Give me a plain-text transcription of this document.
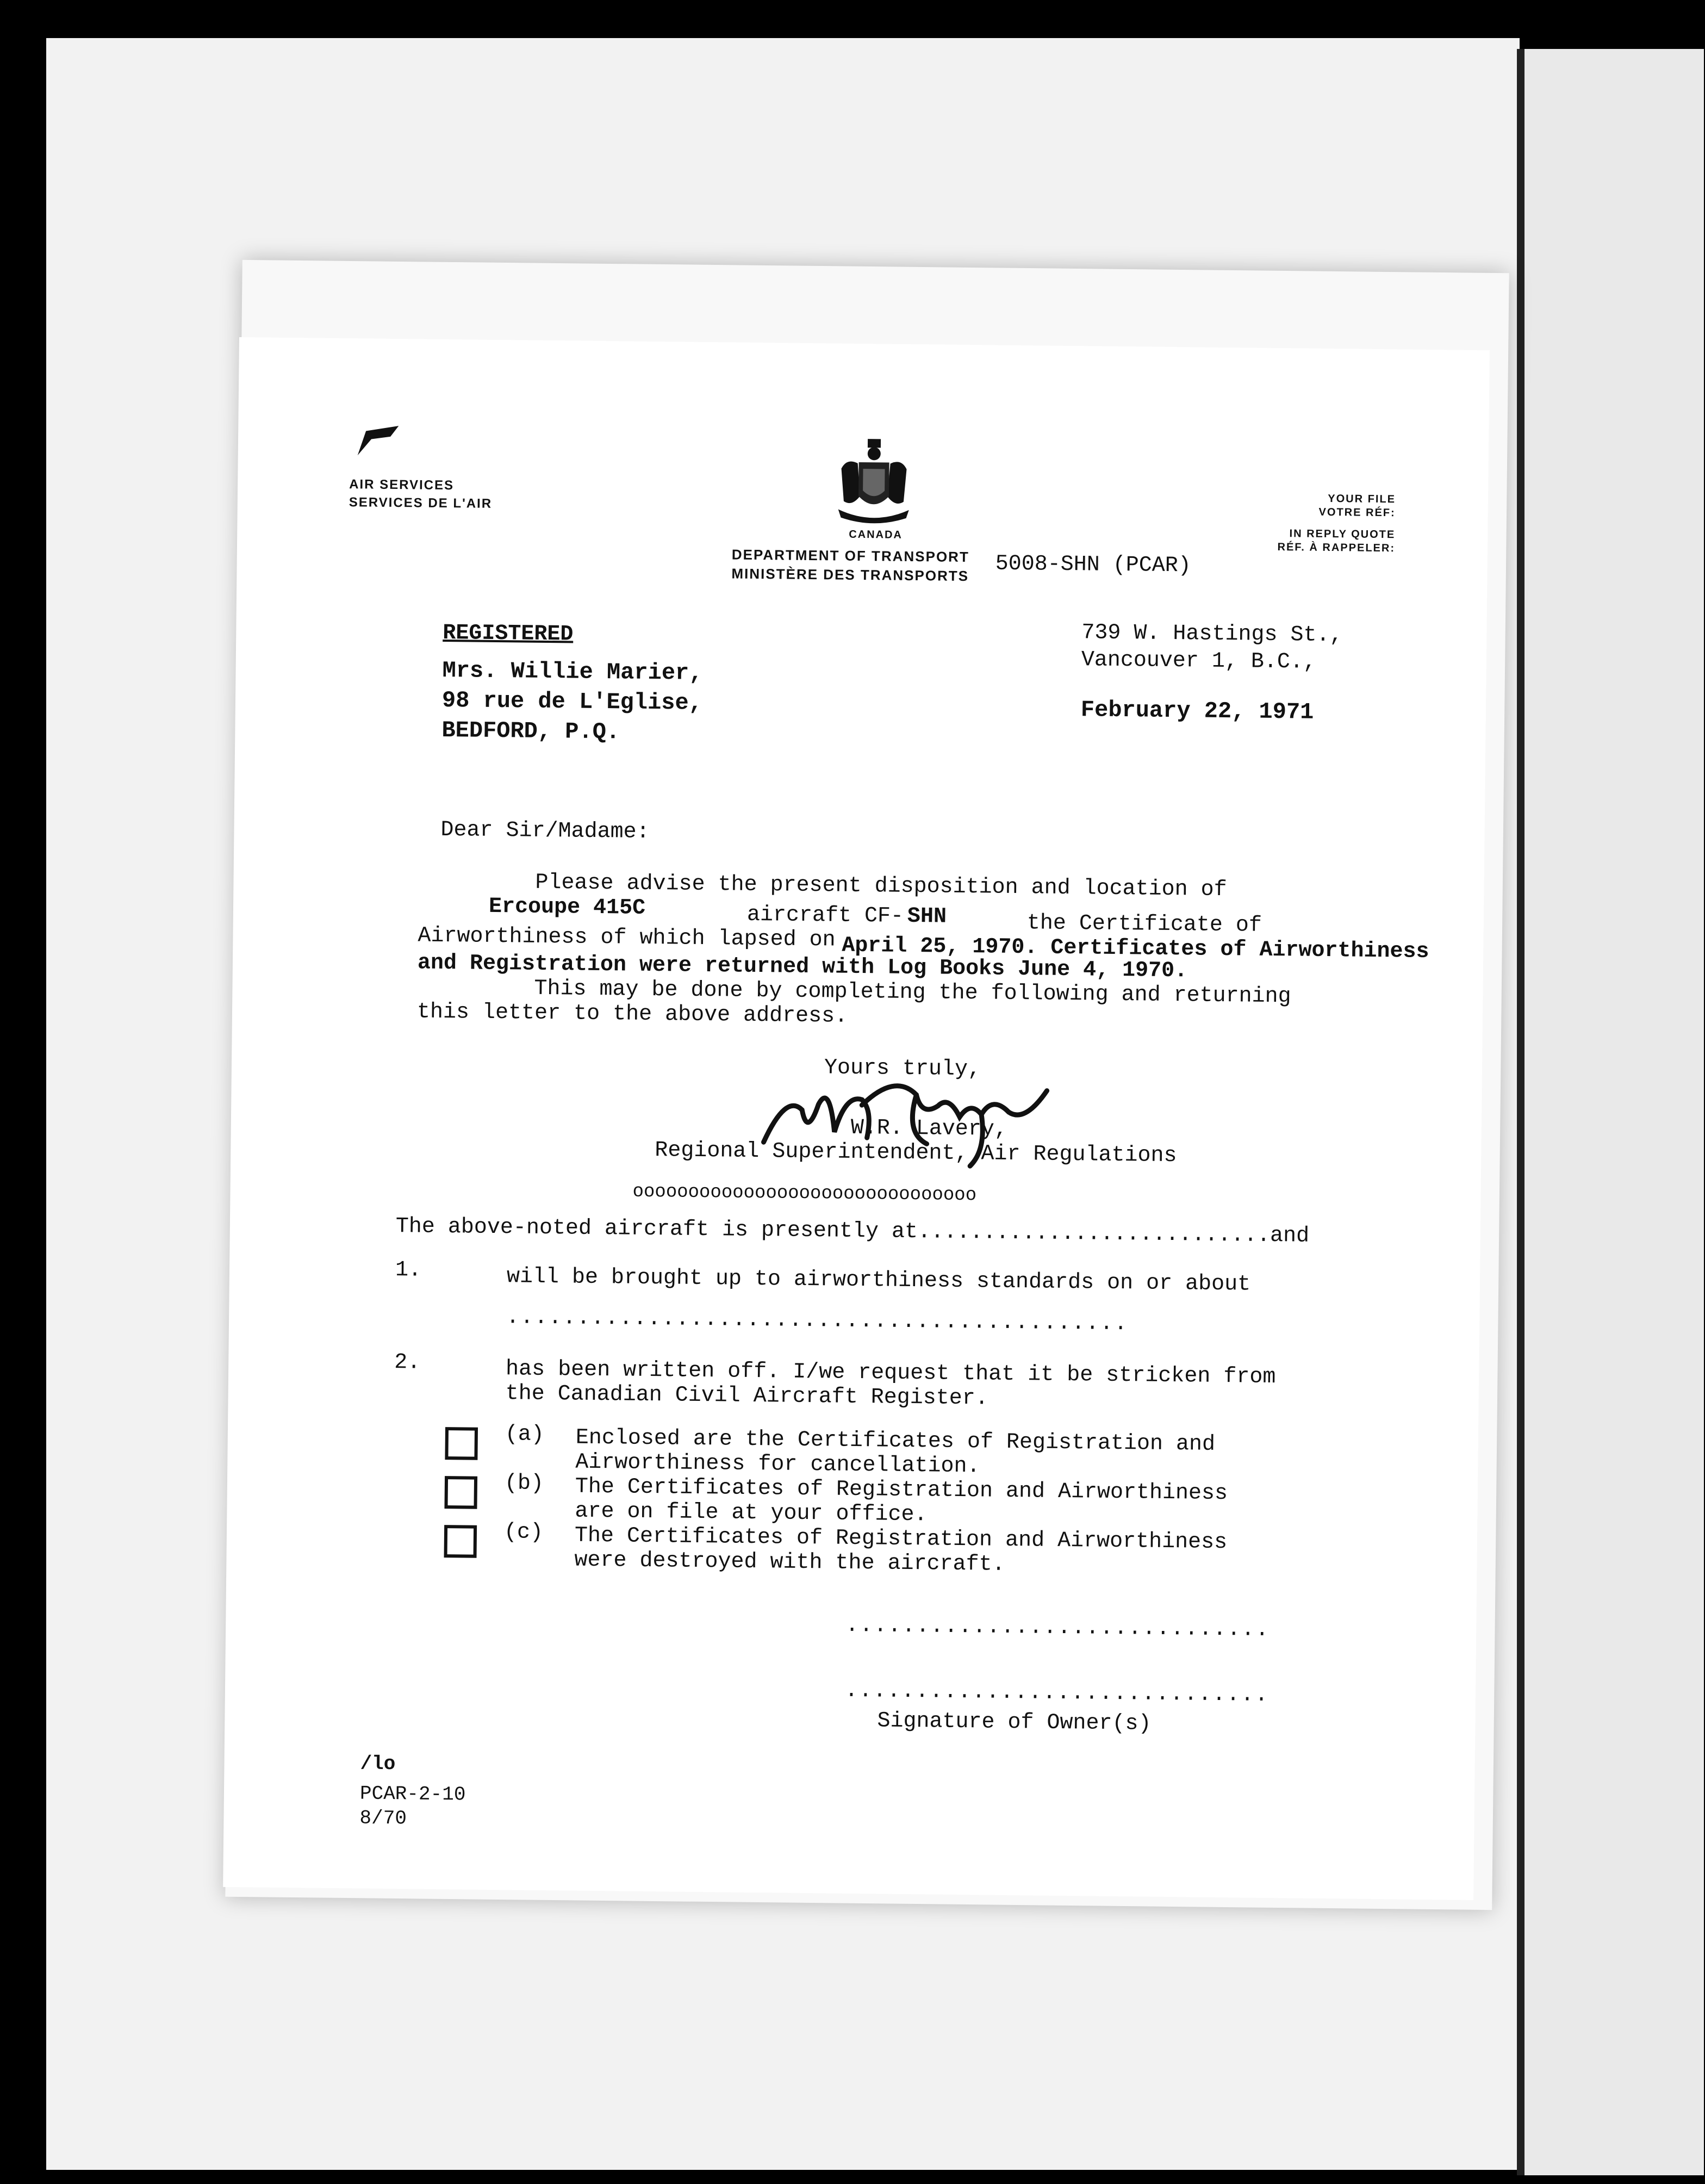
AIR SERVICES
SERVICES DE L'AIR
CANADA
DEPARTMENT OF TRANSPORT
MINISTÈRE DES TRANSPORTS 5008-SHN (PCAR)
YOUR FILE
VOTRE RÉF:
IN REPLY QUOTE
RÉF. À RAPPELER:
REGISTERED	739 W. Hastings St.,
Vancouver 1, B.C.,
February 22, 1971
Mrs. Willie Marier,
98 rue de L'Eglise,
BEDFORD, P.Q.
Dear Sir/Madame:
Please advise the present disposition and location of
Ercoupe 415C	aircraft CF- SHN	the Certificate of
Airworthiness of which lapsed on April 25, 1970. Certificates of Airworthiness
and Registration were returned with Log Books June 4, 1970.
This may be done by completing the following and returning
this letter to the above address.
Yours truly,
W.R. Lavery,
Regional Superintendent, Air Regulations
ooooooooooooooooooooooooooooooo
The above-noted aircraft is presently at...........................and
1.	will be brought up to airworthiness standards on or about
............................................
2.	has been written off. I/we request that it be stricken from
the Canadian Civil Aircraft Register.
(a) Enclosed are the Certificates of Registration and
Airworthiness for cancellation.
(b) The Certificates of Registration and Airworthiness
are on file at your office.
(c) The Certificates of Registration and Airworthiness
were destroyed with the aircraft.
..............................
..............................
Signature of Owner(s)
/lo
PCAR-2-10
8/70
